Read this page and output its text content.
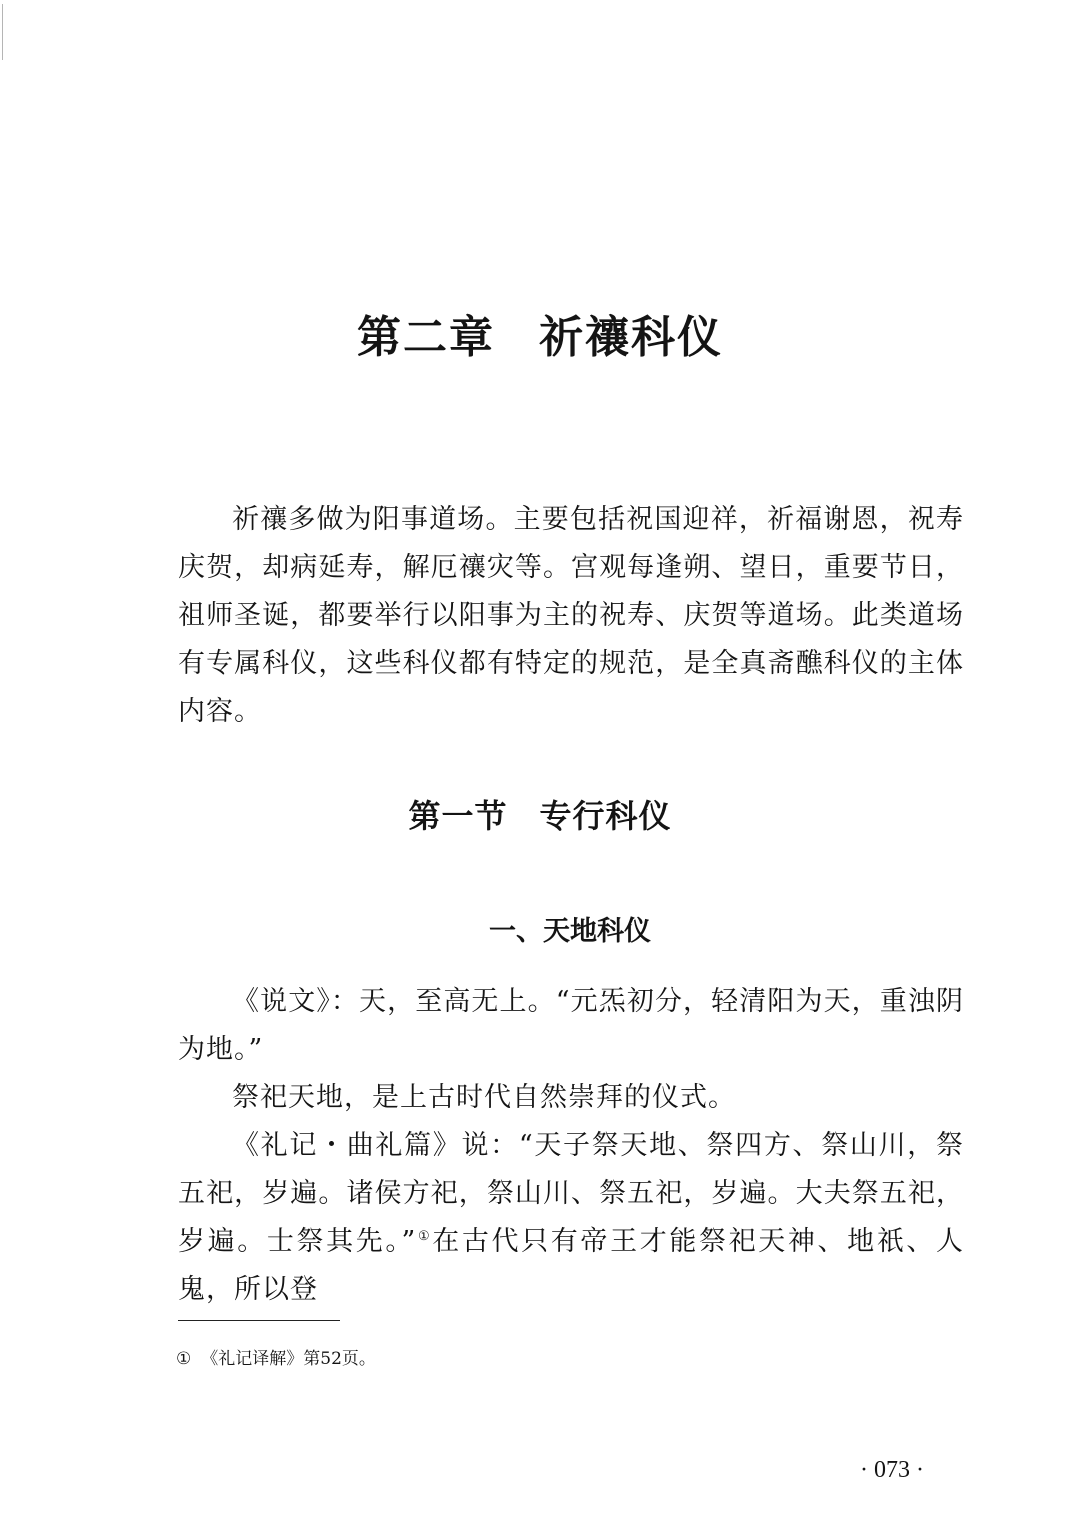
第二章 祈禳科仪

祈禳多做为阳事道场。主要包括祝国迎祥，祈福谢恩，祝寿庆贺，却病延寿，解厄禳灾等。宫观每逢朔、望日，重要节日，祖师圣诞，都要举行以阳事为主的祝寿、庆贺等道场。此类道场有专属科仪，这些科仪都有特定的规范，是全真斋醮科仪的主体内容。

第一节 专行科仪
一、天地科仪

《说文》：天，至高无上。“元炁初分，轻清阳为天，重浊阴为地。”

祭祀天地，是上古时代自然崇拜的仪式。

《礼记・曲礼篇》说：“天子祭天地、祭四方、祭山川，祭五祀，岁遍。诸侯方祀，祭山川、祭五祀，岁遍。大夫祭五祀，岁遍。士祭其先。”①在古代只有帝王才能祭祀天神、地祇、人鬼，所以登

① 《礼记译解》第52页。
· 073 ·
